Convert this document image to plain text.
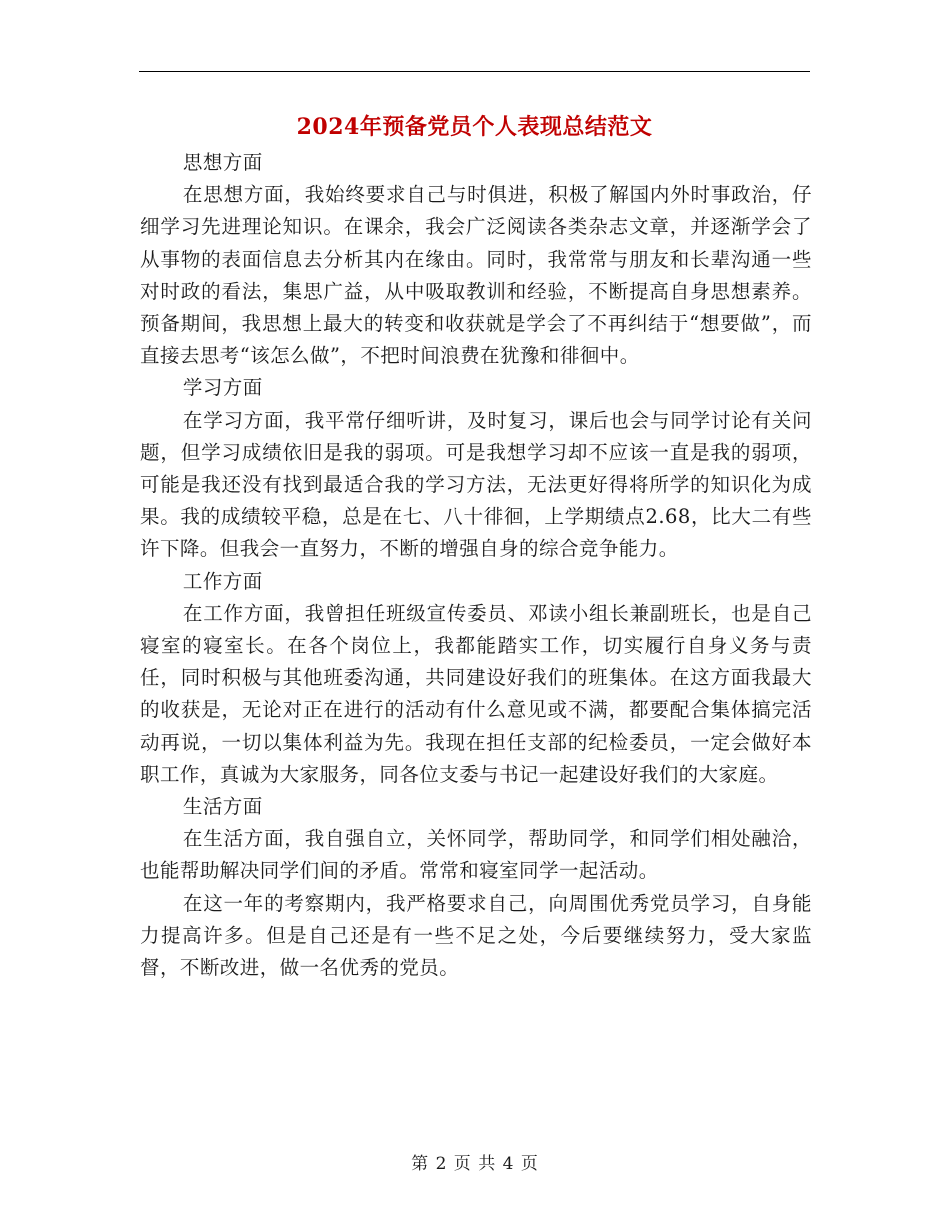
2024年预备党员个人表现总结范文

思想方面

在思想方面，我始终要求自己与时俱进，积极了解国内外时事政治，仔细学习先进理论知识。在课余，我会广泛阅读各类杂志文章，并逐渐学会了从事物的表面信息去分析其内在缘由。同时，我常常与朋友和长辈沟通一些对时政的看法，集思广益，从中吸取教训和经验，不断提高自身思想素养。预备期间，我思想上最大的转变和收获就是学会了不再纠结于“想要做”，而直接去思考“该怎么做”，不把时间浪费在犹豫和徘徊中。

学习方面

在学习方面，我平常仔细听讲，及时复习，课后也会与同学讨论有关问题，但学习成绩依旧是我的弱项。可是我想学习却不应该一直是我的弱项，可能是我还没有找到最适合我的学习方法，无法更好得将所学的知识化为成果。我的成绩较平稳，总是在七、八十徘徊，上学期绩点2.68，比大二有些许下降。但我会一直努力，不断的增强自身的综合竞争能力。

工作方面

在工作方面，我曾担任班级宣传委员、邓读小组长兼副班长，也是自己寝室的寝室长。在各个岗位上，我都能踏实工作，切实履行自身义务与责任，同时积极与其他班委沟通，共同建设好我们的班集体。在这方面我最大的收获是，无论对正在进行的活动有什么意见或不满，都要配合集体搞完活动再说，一切以集体利益为先。我现在担任支部的纪检委员，一定会做好本职工作，真诚为大家服务，同各位支委与书记一起建设好我们的大家庭。

生活方面

在生活方面，我自强自立，关怀同学，帮助同学，和同学们相处融洽，也能帮助解决同学们间的矛盾。常常和寝室同学一起活动。

在这一年的考察期内，我严格要求自己，向周围优秀党员学习，自身能力提高许多。但是自己还是有一些不足之处，今后要继续努力，受大家监督，不断改进，做一名优秀的党员。

第 2 页 共 4 页
